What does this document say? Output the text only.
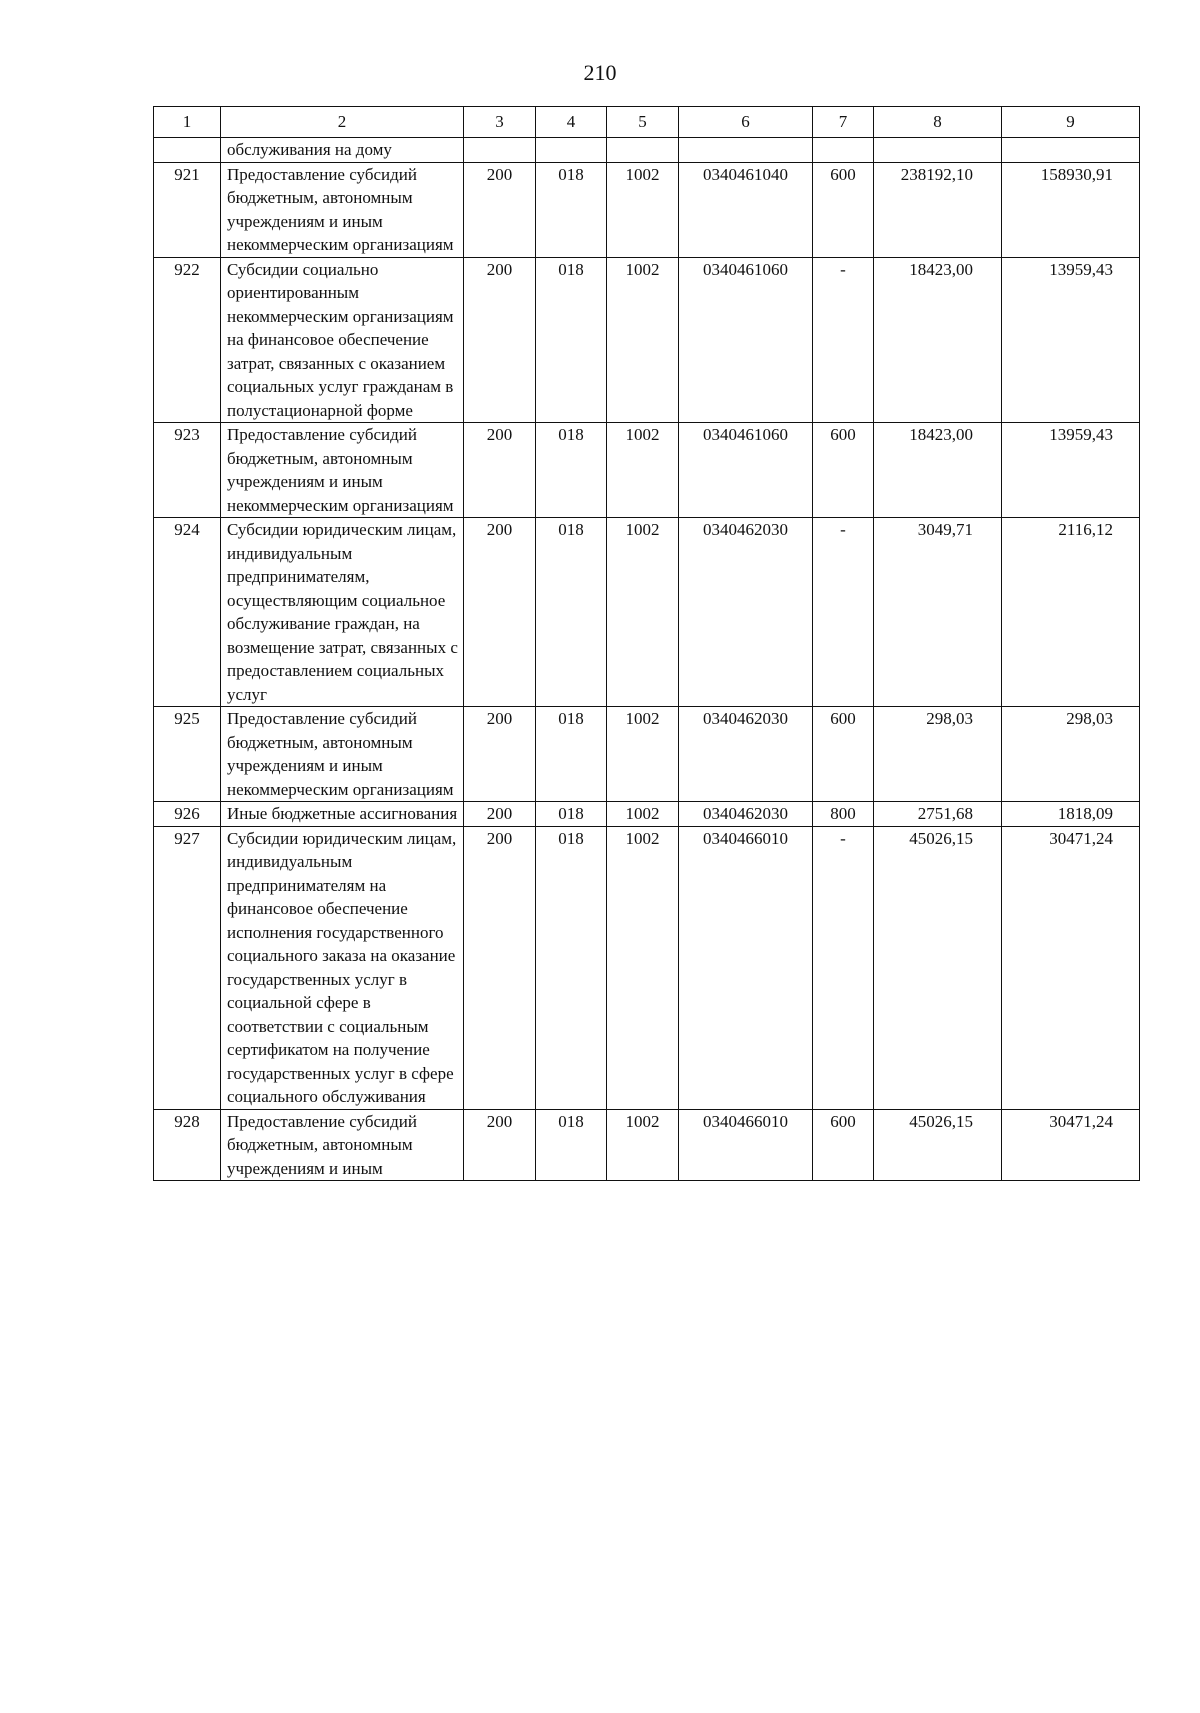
210
1	2	3	4	5	6	7	8	9
	обслуживания на дому							
921	Предоставление субсидий бюджетным, автономным учреждениям и иным некоммерческим организациям	200	018	1002	0340461040	600	238192,10	158930,91
922	Субсидии социально ориентированным некоммерческим организациям на финансовое обеспечение затрат, связанных с оказанием социальных услуг гражданам в полустационарной форме	200	018	1002	0340461060	-	18423,00	13959,43
923	Предоставление субсидий бюджетным, автономным учреждениям и иным некоммерческим организациям	200	018	1002	0340461060	600	18423,00	13959,43
924	Субсидии юридическим лицам, индивидуальным предпринимателям, осуществляющим социальное обслуживание граждан, на возмещение затрат, связанных с предоставлением социальных услуг	200	018	1002	0340462030	-	3049,71	2116,12
925	Предоставление субсидий бюджетным, автономным учреждениям и иным некоммерческим организациям	200	018	1002	0340462030	600	298,03	298,03
926	Иные бюджетные ассигнования	200	018	1002	0340462030	800	2751,68	1818,09
927	Субсидии юридическим лицам, индивидуальным предпринимателям на финансовое обеспечение исполнения государственного социального заказа на оказание государственных услуг в социальной сфере в соответствии с социальным сертификатом на получение государственных услуг в сфере социального обслуживания	200	018	1002	0340466010	-	45026,15	30471,24
928	Предоставление субсидий бюджетным, автономным учреждениям и иным	200	018	1002	0340466010	600	45026,15	30471,24
